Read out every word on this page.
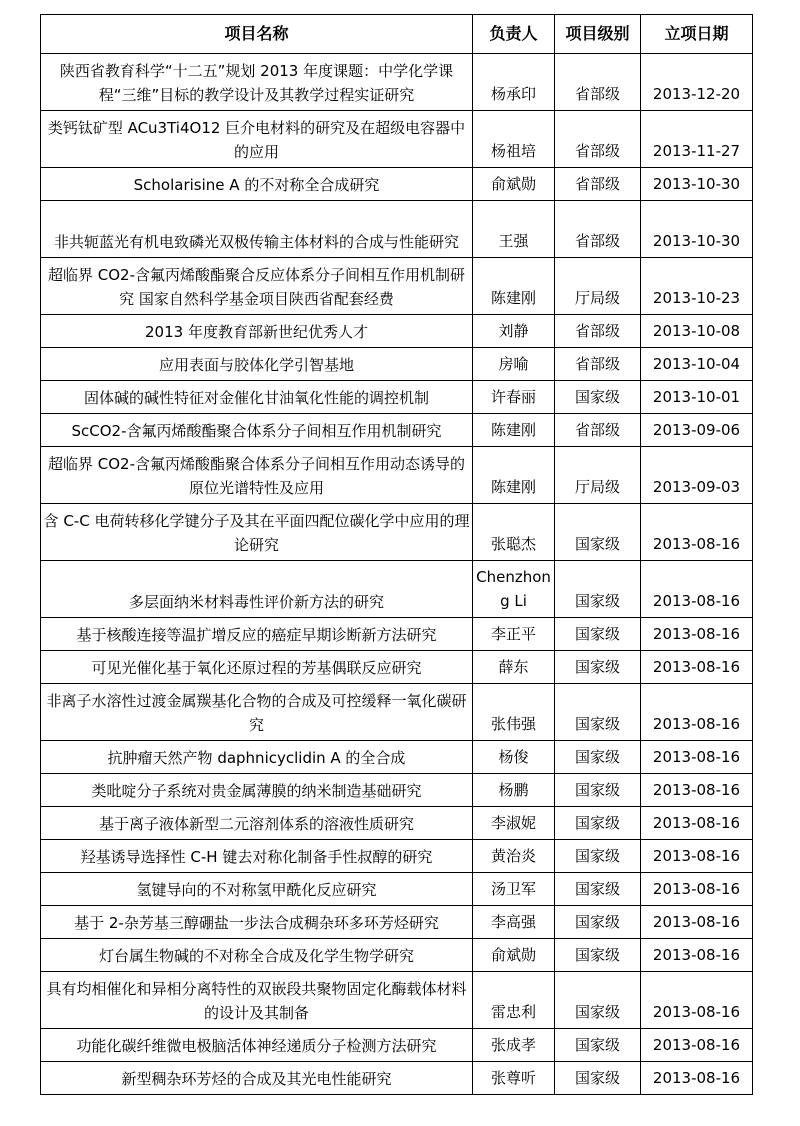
项目名称	负责人	项目级别	立项日期
陕西省教育科学“十二五”规划 2013 年度课题：中学化学课程“三维”目标的教学设计及其教学过程实证研究	杨承印	省部级	2013-12-20
类钙钛矿型 ACu3Ti4O12 巨介电材料的研究及在超级电容器中的应用	杨祖培	省部级	2013-11-27
Scholarisine A 的不对称全合成研究	俞斌勋	省部级	2013-10-30
非共轭蓝光有机电致磷光双极传输主体材料的合成与性能研究	王强	省部级	2013-10-30
超临界 CO2-含氟丙烯酸酯聚合反应体系分子间相互作用机制研究 国家自然科学基金项目陕西省配套经费	陈建刚	厅局级	2013-10-23
2013 年度教育部新世纪优秀人才	刘静	省部级	2013-10-08
应用表面与胶体化学引智基地	房喻	省部级	2013-10-04
固体碱的碱性特征对金催化甘油氧化性能的调控机制	许春丽	国家级	2013-10-01
ScCO2-含氟丙烯酸酯聚合体系分子间相互作用机制研究	陈建刚	省部级	2013-09-06
超临界 CO2-含氟丙烯酸酯聚合体系分子间相互作用动态诱导的原位光谱特性及应用	陈建刚	厅局级	2013-09-03
含 C-C 电荷转移化学键分子及其在平面四配位碳化学中应用的理论研究	张聪杰	国家级	2013-08-16
多层面纳米材料毒性评价新方法的研究	Chenzhong Li	国家级	2013-08-16
基于核酸连接等温扩增反应的癌症早期诊断新方法研究	李正平	国家级	2013-08-16
可见光催化基于氧化还原过程的芳基偶联反应研究	薛东	国家级	2013-08-16
非离子水溶性过渡金属羰基化合物的合成及可控缓释一氧化碳研究	张伟强	国家级	2013-08-16
抗肿瘤天然产物 daphnicyclidin A 的全合成	杨俊	国家级	2013-08-16
类吡啶分子系统对贵金属薄膜的纳米制造基础研究	杨鹏	国家级	2013-08-16
基于离子液体新型二元溶剂体系的溶液性质研究	李淑妮	国家级	2013-08-16
羟基诱导选择性 C-H 键去对称化制备手性叔醇的研究	黄治炎	国家级	2013-08-16
氢键导向的不对称氢甲酰化反应研究	汤卫军	国家级	2013-08-16
基于 2-杂芳基三醇硼盐一步法合成稠杂环多环芳烃研究	李高强	国家级	2013-08-16
灯台属生物碱的不对称全合成及化学生物学研究	俞斌勋	国家级	2013-08-16
具有均相催化和异相分离特性的双嵌段共聚物固定化酶载体材料的设计及其制备	雷忠利	国家级	2013-08-16
功能化碳纤维微电极脑活体神经递质分子检测方法研究	张成孝	国家级	2013-08-16
新型稠杂环芳烃的合成及其光电性能研究	张尊听	国家级	2013-08-16
